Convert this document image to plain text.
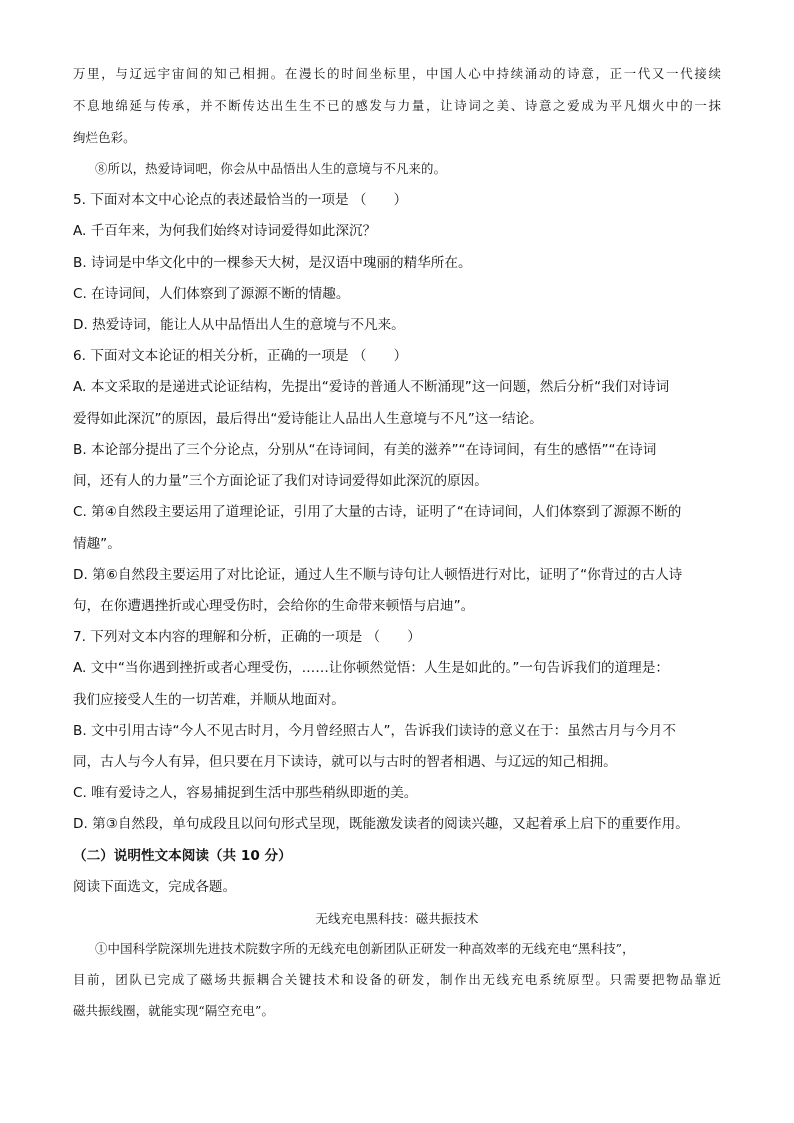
万里，与辽远宇宙间的知己相拥。在漫长的时间坐标里，中国人心中持续涌动的诗意，正一代又一代接续
不息地绵延与传承，并不断传达出生生不已的感发与力量，让诗词之美、诗意之爱成为平凡烟火中的一抹
绚烂色彩。
⑧所以，热爱诗词吧，你会从中品悟出人生的意境与不凡来的。
5. 下面对本文中心论点的表述最恰当的一项是 （　　）
A. 千百年来，为何我们始终对诗词爱得如此深沉？
B. 诗词是中华文化中的一棵参天大树，是汉语中瑰丽的精华所在。
C. 在诗词间，人们体察到了源源不断的情趣。
D. 热爱诗词，能让人从中品悟出人生的意境与不凡来。
6. 下面对文本论证的相关分析，正确的一项是 （　　）
A. 本文采取的是递进式论证结构，先提出“爱诗的普通人不断涌现”这一问题，然后分析“我们对诗词
爱得如此深沉”的原因，最后得出“爱诗能让人品出人生意境与不凡”这一结论。
B. 本论部分提出了三个分论点，分别从“在诗词间，有美的滋养”“在诗词间，有生的感悟”“在诗词
间，还有人的力量”三个方面论证了我们对诗词爱得如此深沉的原因。
C. 第④自然段主要运用了道理论证，引用了大量的古诗，证明了“在诗词间，人们体察到了源源不断的
情趣”。
D. 第⑥自然段主要运用了对比论证，通过人生不顺与诗句让人顿悟进行对比，证明了“你背过的古人诗
句，在你遭遇挫折或心理受伤时，会给你的生命带来顿悟与启迪”。
7. 下列对文本内容的理解和分析，正确的一项是 （　　）
A. 文中“当你遇到挫折或者心理受伤，……让你顿然觉悟：人生是如此的。”一句告诉我们的道理是：
我们应接受人生的一切苦难，并顺从地面对。
B. 文中引用古诗“今人不见古时月，今月曾经照古人”，告诉我们读诗的意义在于：虽然古月与今月不
同，古人与今人有异，但只要在月下读诗，就可以与古时的智者相遇、与辽远的知己相拥。
C. 唯有爱诗之人，容易捕捉到生活中那些稍纵即逝的美。
D. 第③自然段，单句成段且以问句形式呈现，既能激发读者的阅读兴趣，又起着承上启下的重要作用。
（二）说明性文本阅读（共 10 分）
阅读下面选文，完成各题。
无线充电黑科技：磁共振技术
①中国科学院深圳先进技术院数字所的无线充电创新团队正研发一种高效率的无线充电“黑科技”，
目前，团队已完成了磁场共振耦合关键技术和设备的研发，制作出无线充电系统原型。只需要把物品靠近
磁共振线圈，就能实现“隔空充电”。
